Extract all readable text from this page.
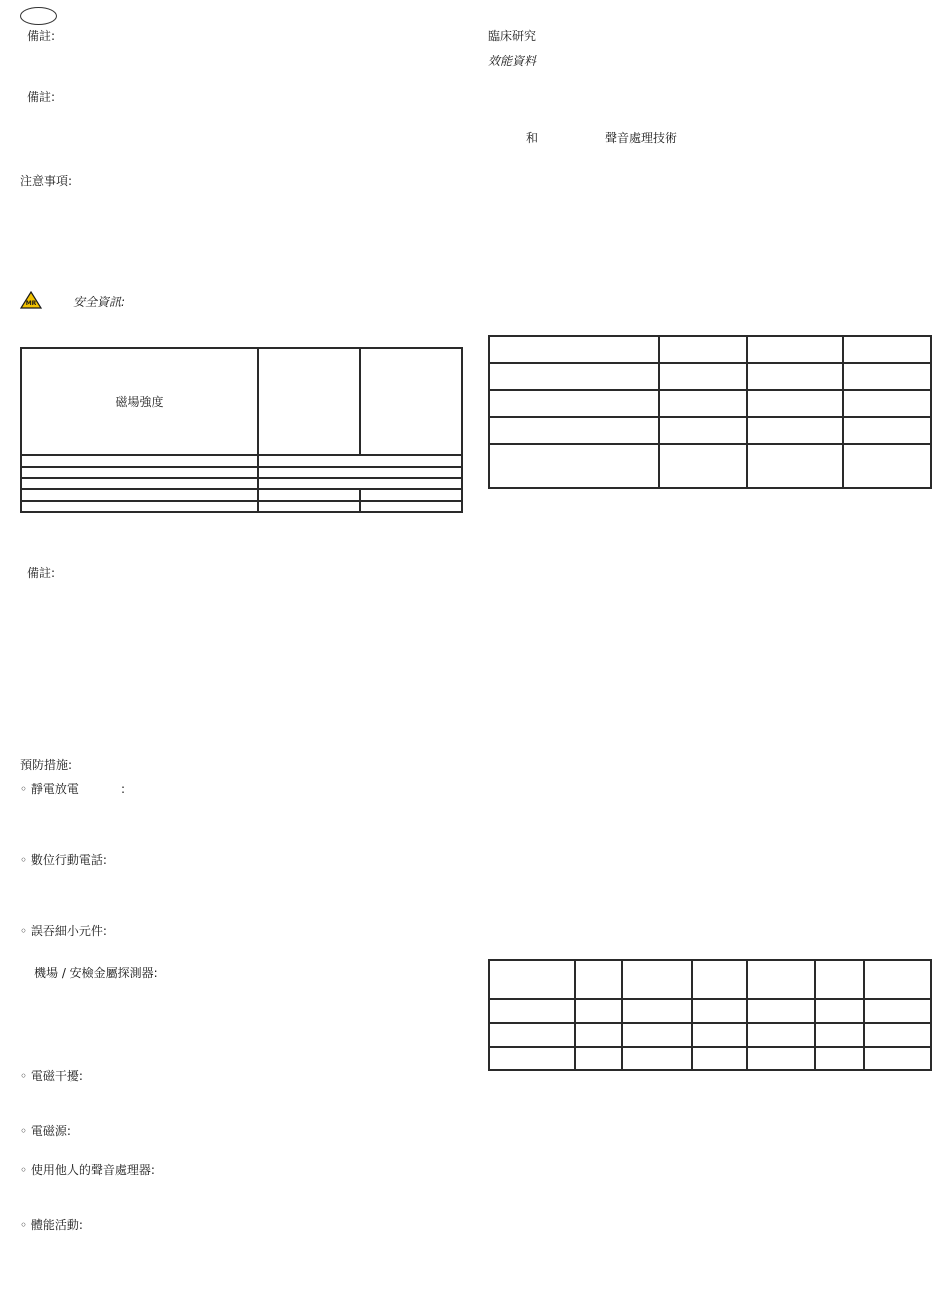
備註:
備註:
注意事項:
MR	安全資訊:
磁場強度		

備註:
預防措施:
◦ 靜電放電	:
◦ 數位行動電話:
◦ 誤吞細小元件:
機場 / 安檢金屬探測器:
◦ 電磁干擾:
◦ 電磁源:
◦ 使用他人的聲音處理器:
◦ 體能活動:
臨床研究
效能資料
和	聲音處理技術
